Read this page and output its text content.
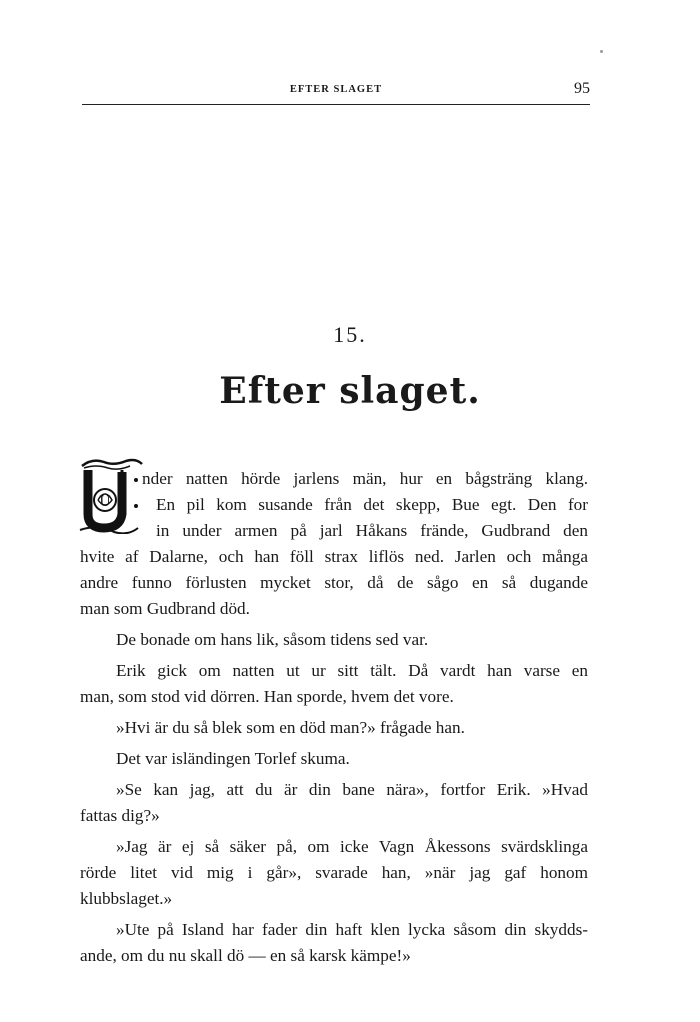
EFTER SLAGET	95
15.
Efter slaget.
U
nder natten hörde jarlens män, hur en bågsträng klang.
En pil kom susande från det skepp, Bue egt. Den for
in under armen på jarl Håkans frände, Gudbrand den
hvite af Dalarne, och han föll strax liflös ned. Jarlen och många
andre funno förlusten mycket stor, då de sågo en så dugande
man som Gudbrand död.
De bonade om hans lik, såsom tidens sed var.
Erik gick om natten ut ur sitt tält. Då vardt han varse en
man, som stod vid dörren. Han sporde, hvem det vore.
»Hvi är du så blek som en död man?» frågade han.
Det var isländingen Torlef skuma.
»Se kan jag, att du är din bane nära», fortfor Erik. »Hvad
fattas dig?»
»Jag är ej så säker på, om icke Vagn Åkessons svärdsklinga
rörde litet vid mig i går», svarade han, »när jag gaf honom
klubbslaget.»
»Ute på Island har fader din haft klen lycka såsom din skydds-
ande, om du nu skall dö — en så karsk kämpe!»
